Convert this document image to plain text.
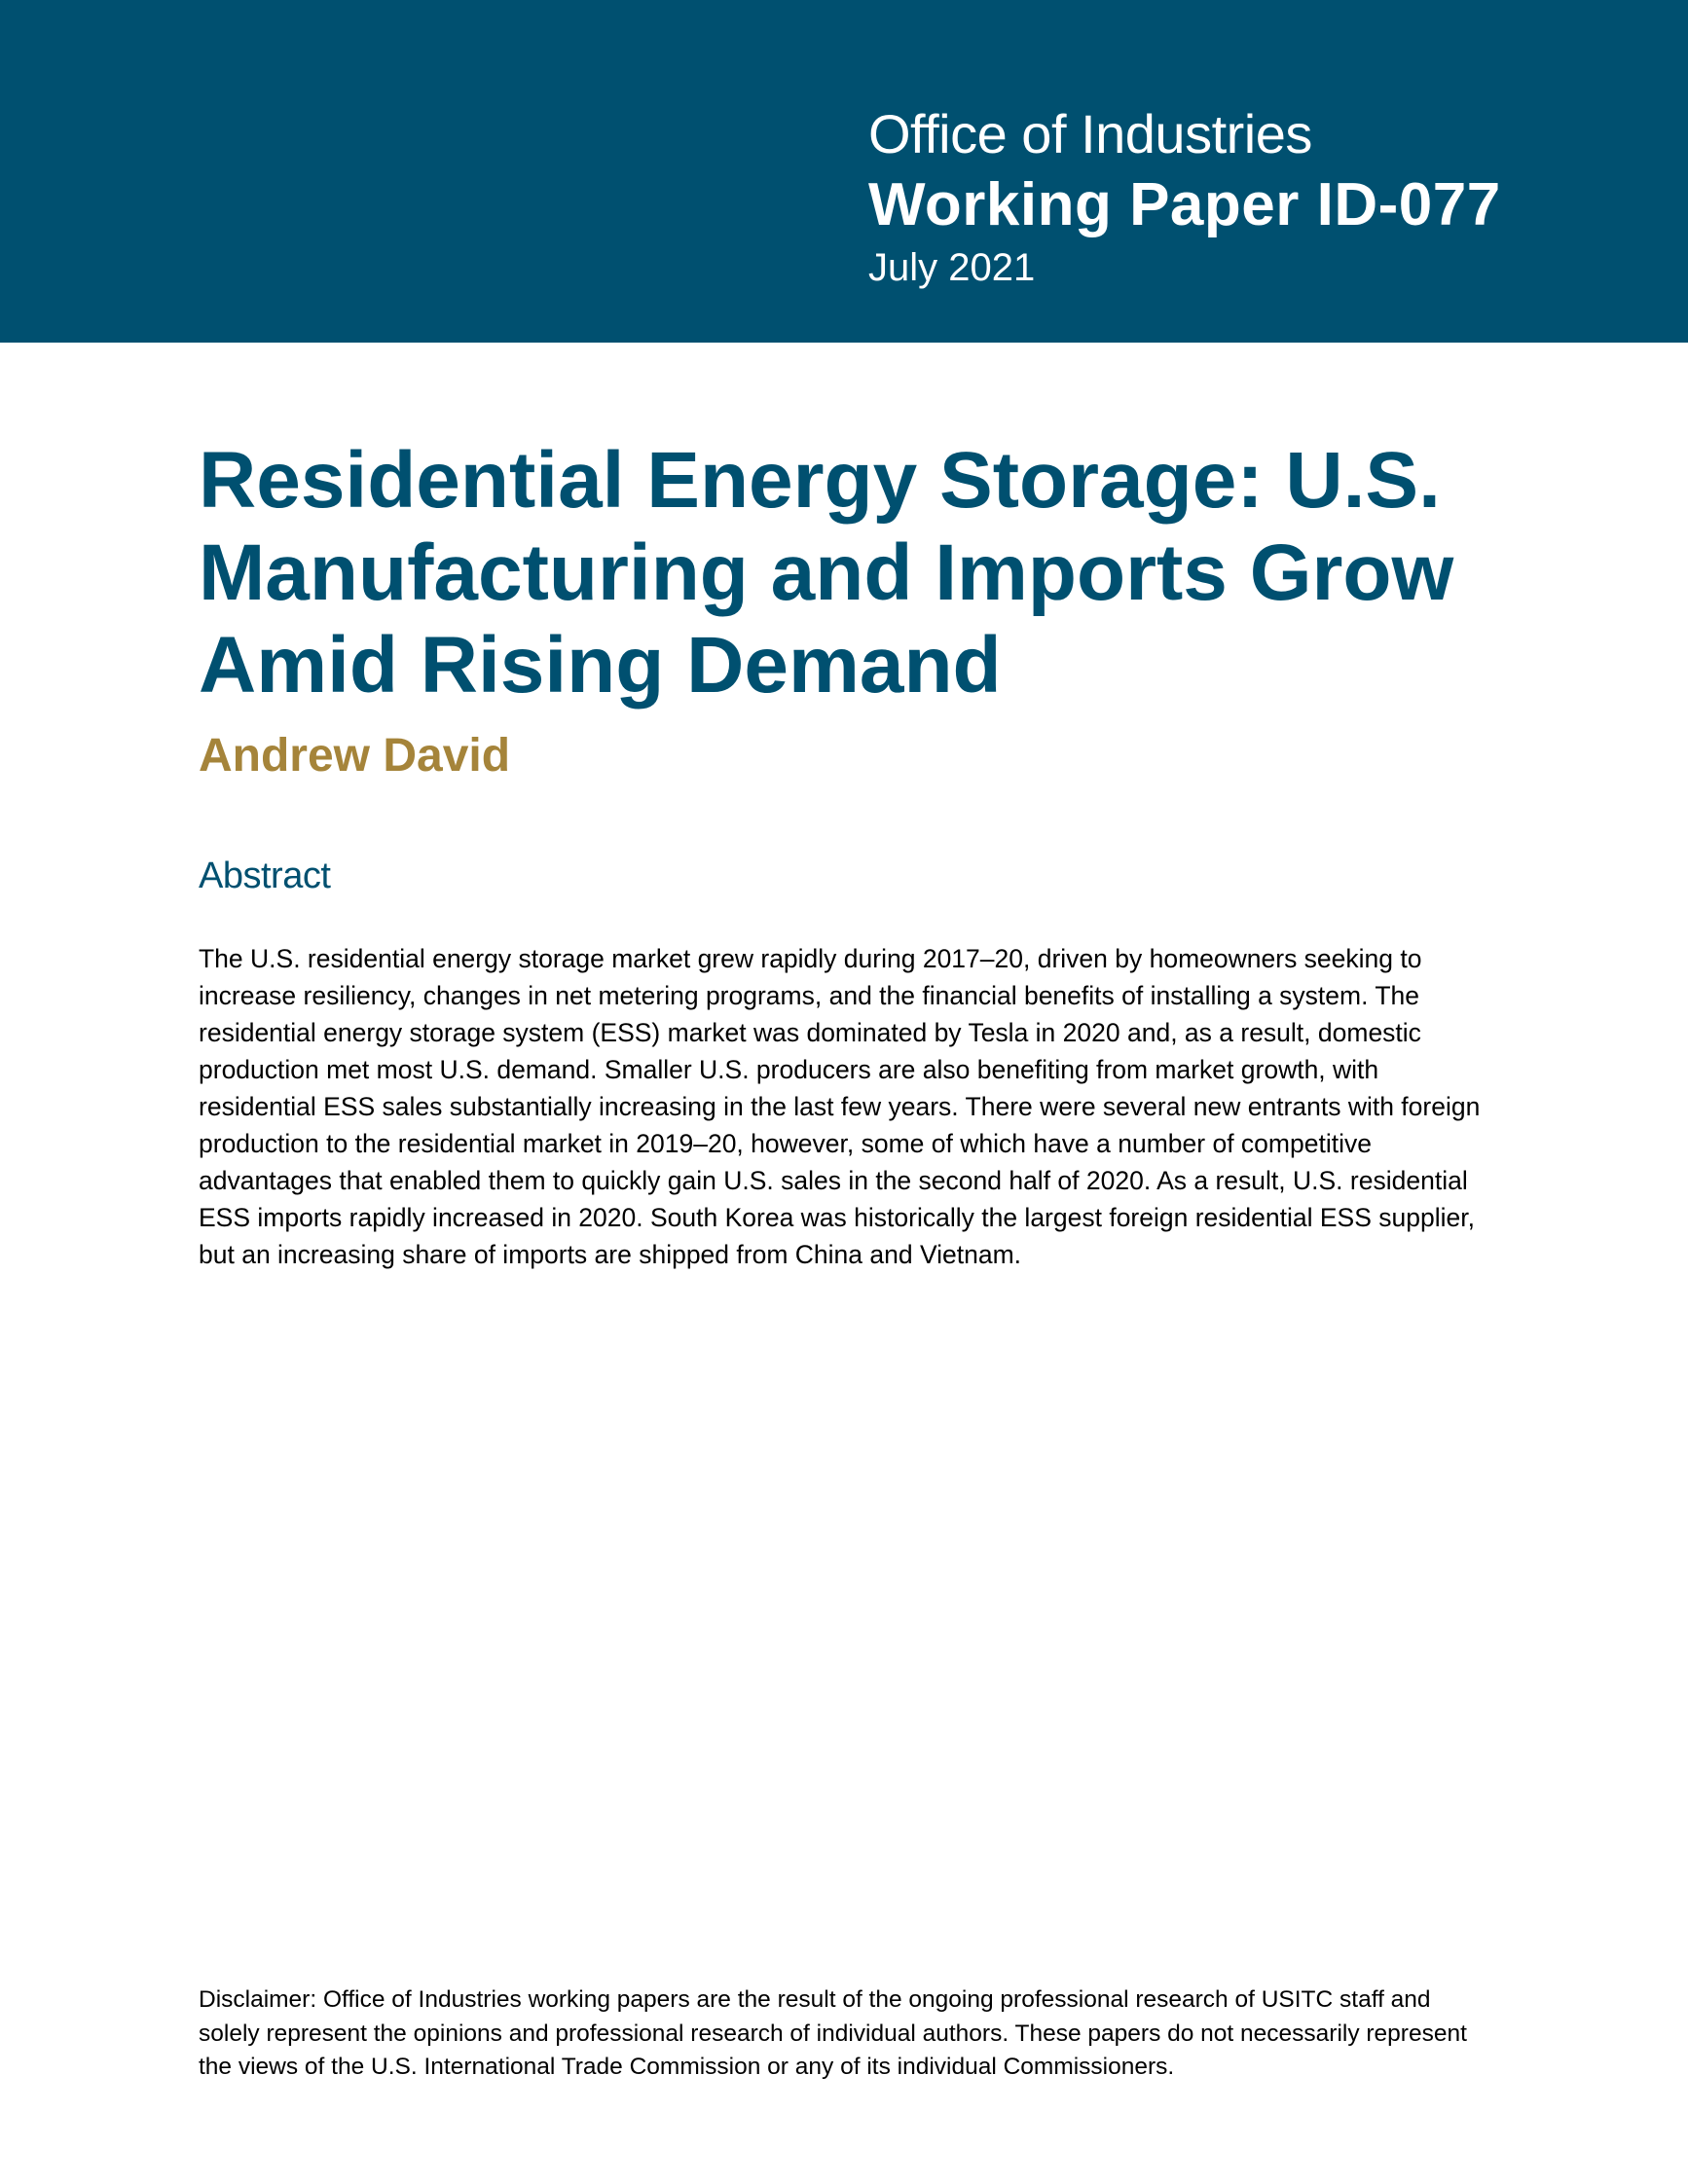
Office of Industries
Working Paper ID-077
July 2021
Residential Energy Storage: U.S. Manufacturing and Imports Grow Amid Rising Demand
Andrew David
Abstract

The U.S. residential energy storage market grew rapidly during 2017–20, driven by homeowners seeking to increase resiliency, changes in net metering programs, and the financial benefits of installing a system. The residential energy storage system (ESS) market was dominated by Tesla in 2020 and, as a result, domestic production met most U.S. demand. Smaller U.S. producers are also benefiting from market growth, with residential ESS sales substantially increasing in the last few years. There were several new entrants with foreign production to the residential market in 2019–20, however, some of which have a number of competitive advantages that enabled them to quickly gain U.S. sales in the second half of 2020. As a result, U.S. residential ESS imports rapidly increased in 2020. South Korea was historically the largest foreign residential ESS supplier, but an increasing share of imports are shipped from China and Vietnam.

Disclaimer: Office of Industries working papers are the result of the ongoing professional research of USITC staff and solely represent the opinions and professional research of individual authors. These papers do not necessarily represent the views of the U.S. International Trade Commission or any of its individual Commissioners.
